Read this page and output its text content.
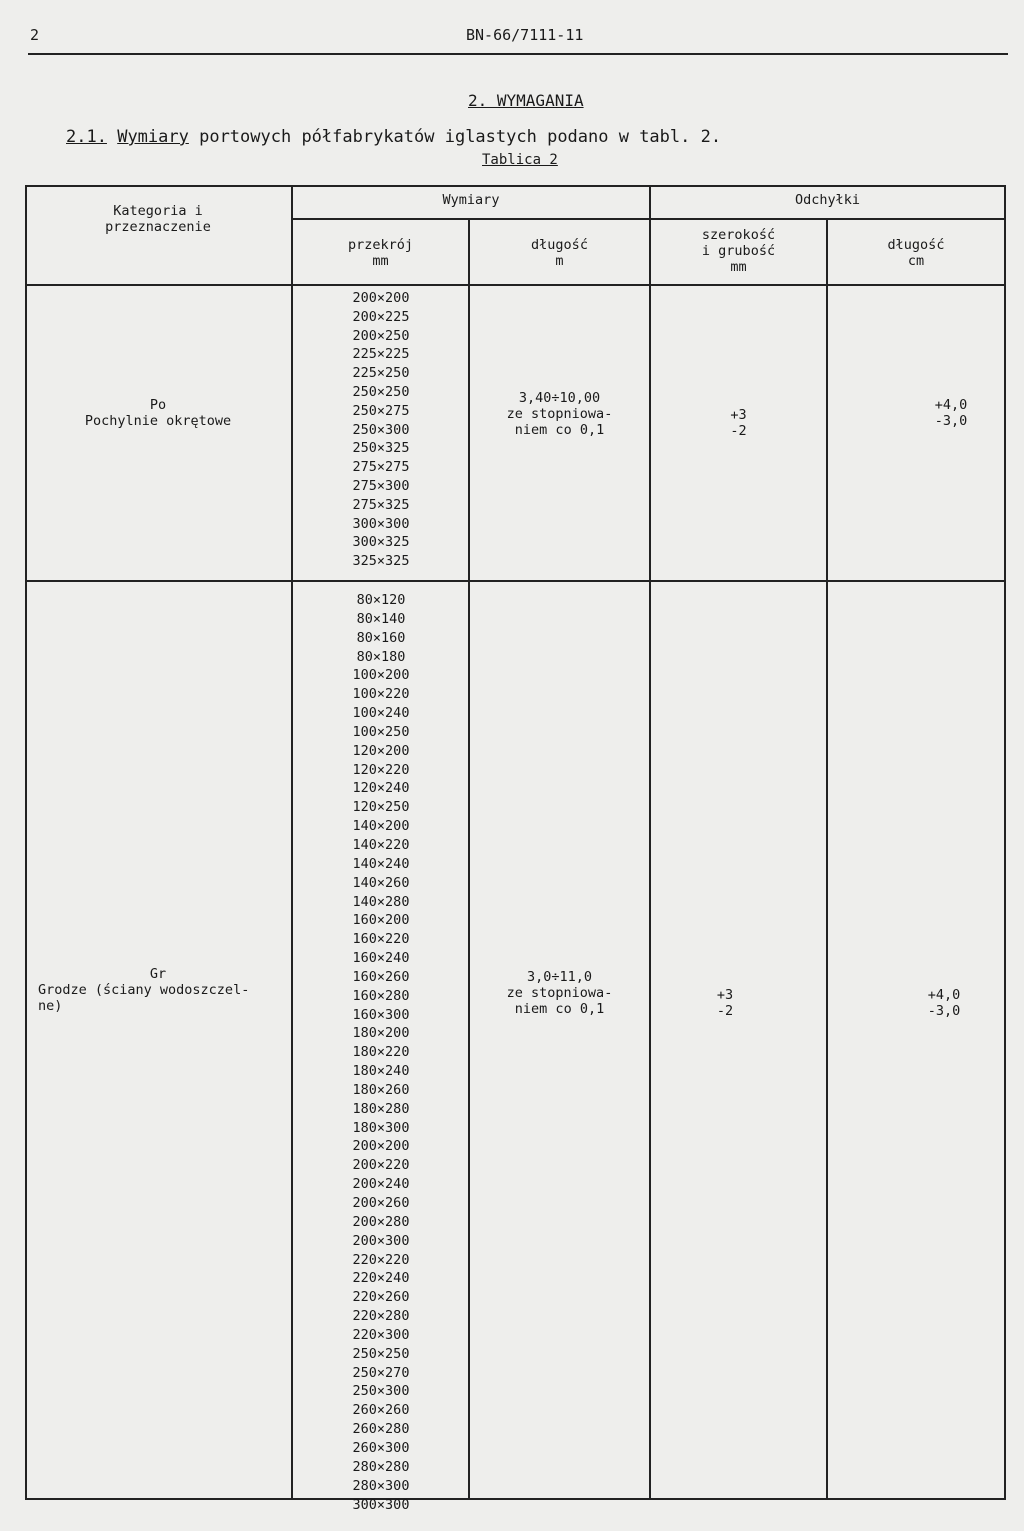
2	BN-66/7111-11
2. WYMAGANIA
2.1. Wymiary portowych półfabrykatów iglastych podano w tabl. 2.
Tablica 2
Kategoria i
przeznaczenie
Wymiary	Odchyłki
przekrój
mm
długość
m
szerokość
i grubość
mm
długość
cm
Po
Pochylnie okrętowe
200×200
200×225
200×250
225×225
225×250
250×250
250×275
250×300
250×325
275×275
275×300
275×325
300×300
300×325
325×325
3,40÷10,00
ze stopniowa-
niem co 0,1
+3
-2
+4,0
-3,0
Gr
Grodze (ściany wodoszczel-
ne)
80×120
80×140
80×160
80×180
100×200
100×220
100×240
100×250
120×200
120×220
120×240
120×250
140×200
140×220
140×240
140×260
140×280
160×200
160×220
160×240
160×260
160×280
160×300
180×200
180×220
180×240
180×260
180×280
180×300
200×200
200×220
200×240
200×260
200×280
200×300
220×220
220×240
220×260
220×280
220×300
250×250
250×270
250×300
260×260
260×280
260×300
280×280
280×300
300×300
3,0÷11,0
ze stopniowa-
niem co 0,1
+3
-2
+4,0
-3,0
